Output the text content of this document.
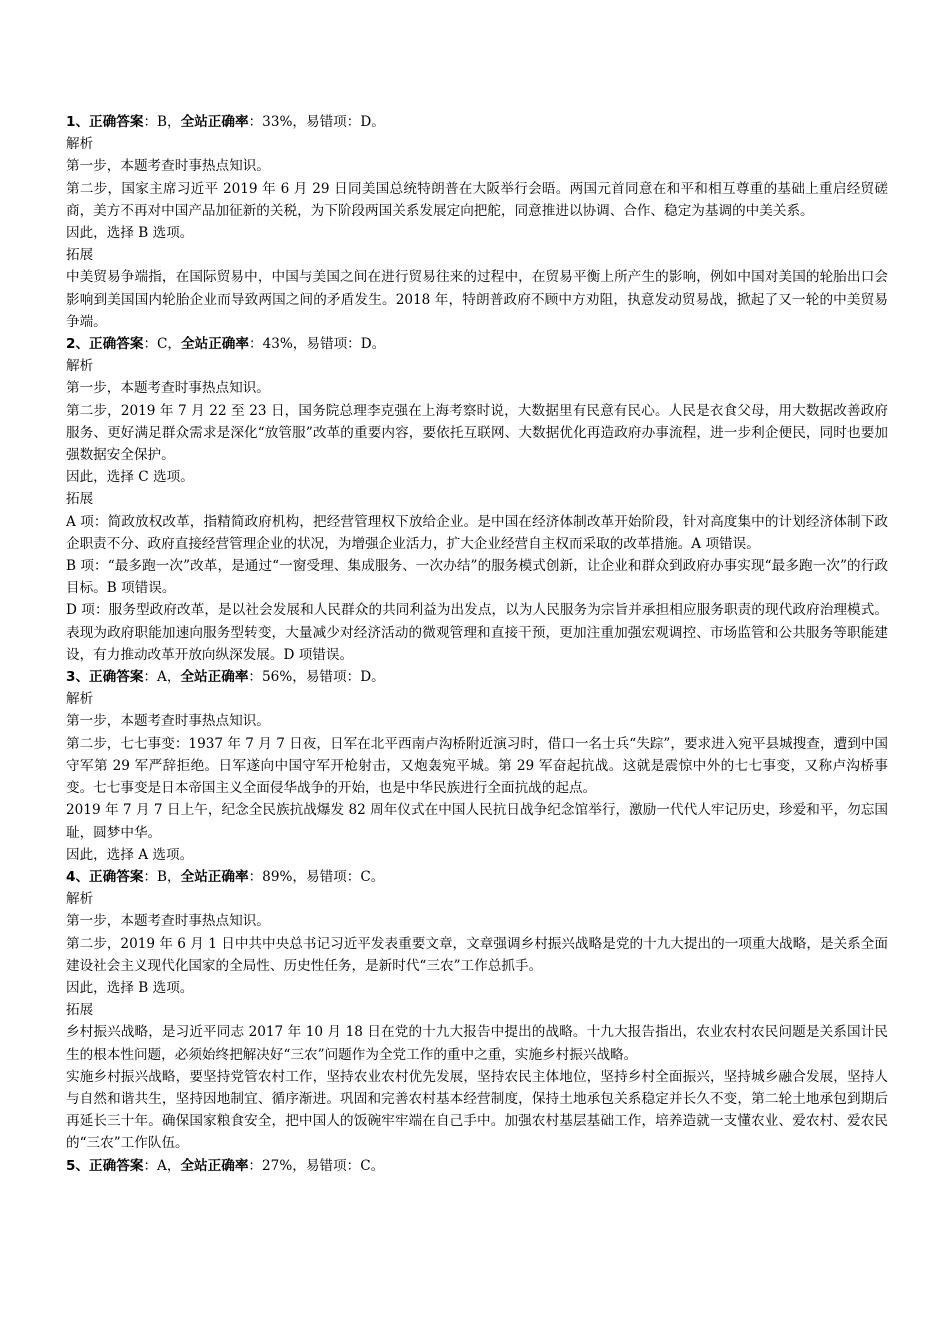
1、正确答案：B，全站正确率：33%，易错项：D。

解析

第一步，本题考查时事热点知识。

第二步，国家主席习近平 2019 年 6 月 29 日同美国总统特朗普在大阪举行会晤。两国元首同意在和平和相互尊重的基础上重启经贸磋商，美方不再对中国产品加征新的关税，为下阶段两国关系发展定向把舵，同意推进以协调、合作、稳定为基调的中美关系。

因此，选择 B 选项。

拓展

中美贸易争端指，在国际贸易中，中国与美国之间在进行贸易往来的过程中，在贸易平衡上所产生的影响，例如中国对美国的轮胎出口会影响到美国国内轮胎企业而导致两国之间的矛盾发生。2018 年，特朗普政府不顾中方劝阻，执意发动贸易战，掀起了又一轮的中美贸易争端。

2、正确答案：C，全站正确率：43%，易错项：D。

解析

第一步，本题考查时事热点知识。

第二步，2019 年 7 月 22 至 23 日，国务院总理李克强在上海考察时说，大数据里有民意有民心。人民是衣食父母，用大数据改善政府服务、更好满足群众需求是深化“放管服”改革的重要内容，要依托互联网、大数据优化再造政府办事流程，进一步利企便民，同时也要加强数据安全保护。

因此，选择 C 选项。

拓展

A 项：简政放权改革，指精简政府机构，把经营管理权下放给企业。是中国在经济体制改革开始阶段，针对高度集中的计划经济体制下政企职责不分、政府直接经营管理企业的状况，为增强企业活力，扩大企业经营自主权而采取的改革措施。A 项错误。

B 项：“最多跑一次”改革，是通过“一窗受理、集成服务、一次办结”的服务模式创新，让企业和群众到政府办事实现“最多跑一次”的行政目标。B 项错误。

D 项：服务型政府改革，是以社会发展和人民群众的共同利益为出发点，以为人民服务为宗旨并承担相应服务职责的现代政府治理模式。表现为政府职能加速向服务型转变，大量减少对经济活动的微观管理和直接干预，更加注重加强宏观调控、市场监管和公共服务等职能建设，有力推动改革开放向纵深发展。D 项错误。

3、正确答案：A，全站正确率：56%，易错项：D。

解析

第一步，本题考查时事热点知识。

第二步，七七事变：1937 年 7 月 7 日夜，日军在北平西南卢沟桥附近演习时，借口一名士兵“失踪”，要求进入宛平县城搜查，遭到中国守军第 29 军严辞拒绝。日军遂向中国守军开枪射击，又炮轰宛平城。第 29 军奋起抗战。这就是震惊中外的七七事变，又称卢沟桥事变。七七事变是日本帝国主义全面侵华战争的开始，也是中华民族进行全面抗战的起点。

2019 年 7 月 7 日上午，纪念全民族抗战爆发 82 周年仪式在中国人民抗日战争纪念馆举行，激励一代代人牢记历史，珍爱和平，勿忘国耻，圆梦中华。

因此，选择 A 选项。

4、正确答案：B，全站正确率：89%，易错项：C。

解析

第一步，本题考查时事热点知识。

第二步，2019 年 6 月 1 日中共中央总书记习近平发表重要文章，文章强调乡村振兴战略是党的十九大提出的一项重大战略，是关系全面建设社会主义现代化国家的全局性、历史性任务，是新时代“三农”工作总抓手。

因此，选择 B 选项。

拓展

乡村振兴战略，是习近平同志 2017 年 10 月 18 日在党的十九大报告中提出的战略。十九大报告指出，农业农村农民问题是关系国计民生的根本性问题，必须始终把解决好“三农”问题作为全党工作的重中之重，实施乡村振兴战略。

实施乡村振兴战略，要坚持党管农村工作，坚持农业农村优先发展，坚持农民主体地位，坚持乡村全面振兴，坚持城乡融合发展，坚持人与自然和谐共生，坚持因地制宜、循序渐进。巩固和完善农村基本经营制度，保持土地承包关系稳定并长久不变，第二轮土地承包到期后再延长三十年。确保国家粮食安全，把中国人的饭碗牢牢端在自己手中。加强农村基层基础工作，培养造就一支懂农业、爱农村、爱农民的“三农”工作队伍。

5、正确答案：A，全站正确率：27%，易错项：C。
